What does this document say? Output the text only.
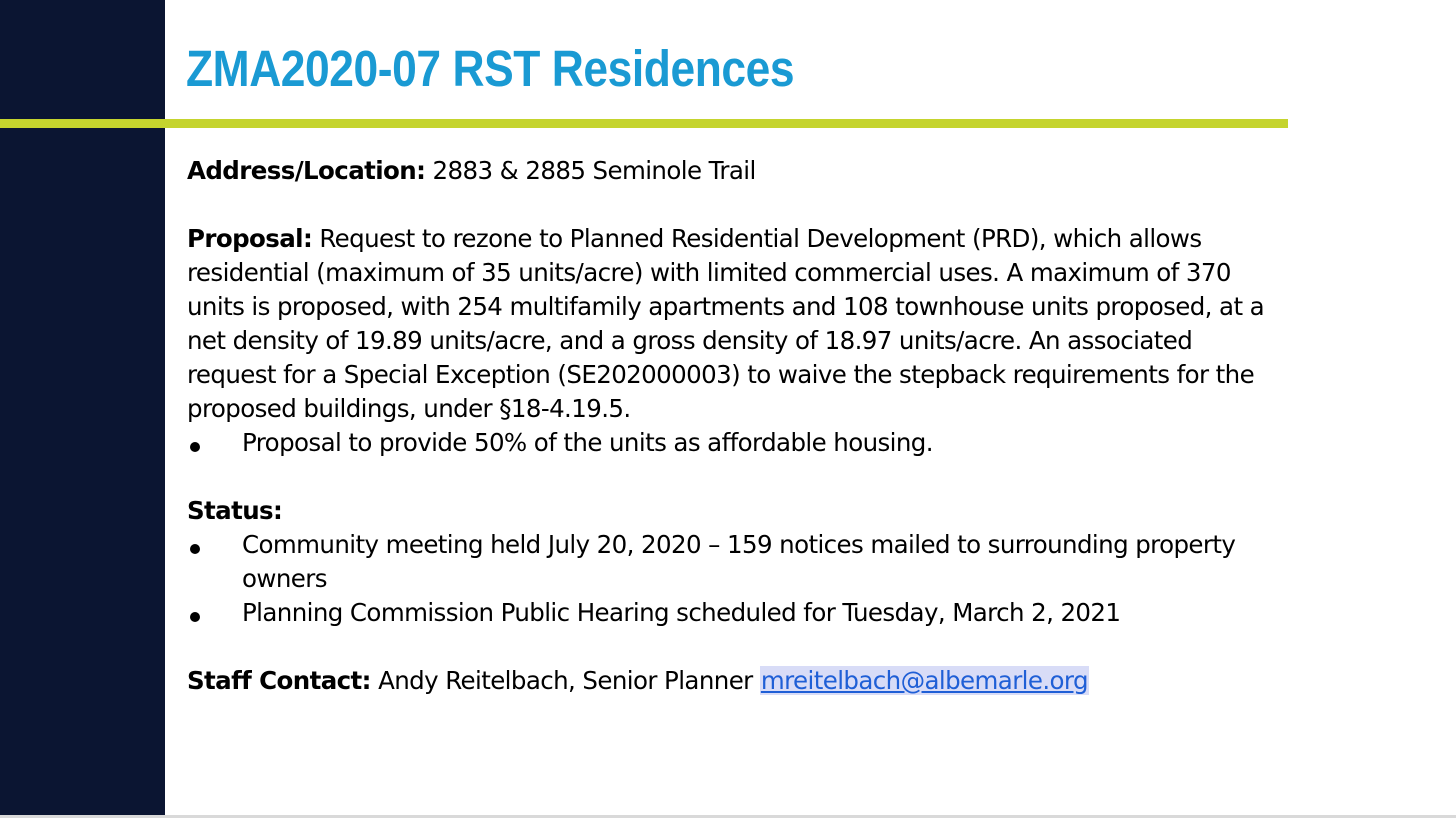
ZMA2020-07 RST Residences

Address/Location: 2883 & 2885 Seminole Trail

Proposal: Request to rezone to Planned Residential Development (PRD), which allows residential (maximum of 35 units/acre) with limited commercial uses. A maximum of 370 units is proposed, with 254 multifamily apartments and 108 townhouse units proposed, at a net density of 19.89 units/acre, and a gross density of 18.97 units/acre. An associated request for a Special Exception (SE202000003) to waive the stepback requirements for the proposed buildings, under §18-4.19.5.

Proposal to provide 50% of the units as affordable housing.

Status:

Community meeting held July 20, 2020 – 159 notices mailed to surrounding property owners
Planning Commission Public Hearing scheduled for Tuesday, March 2, 2021

Staff Contact: Andy Reitelbach, Senior Planner mreitelbach@albemarle.org
